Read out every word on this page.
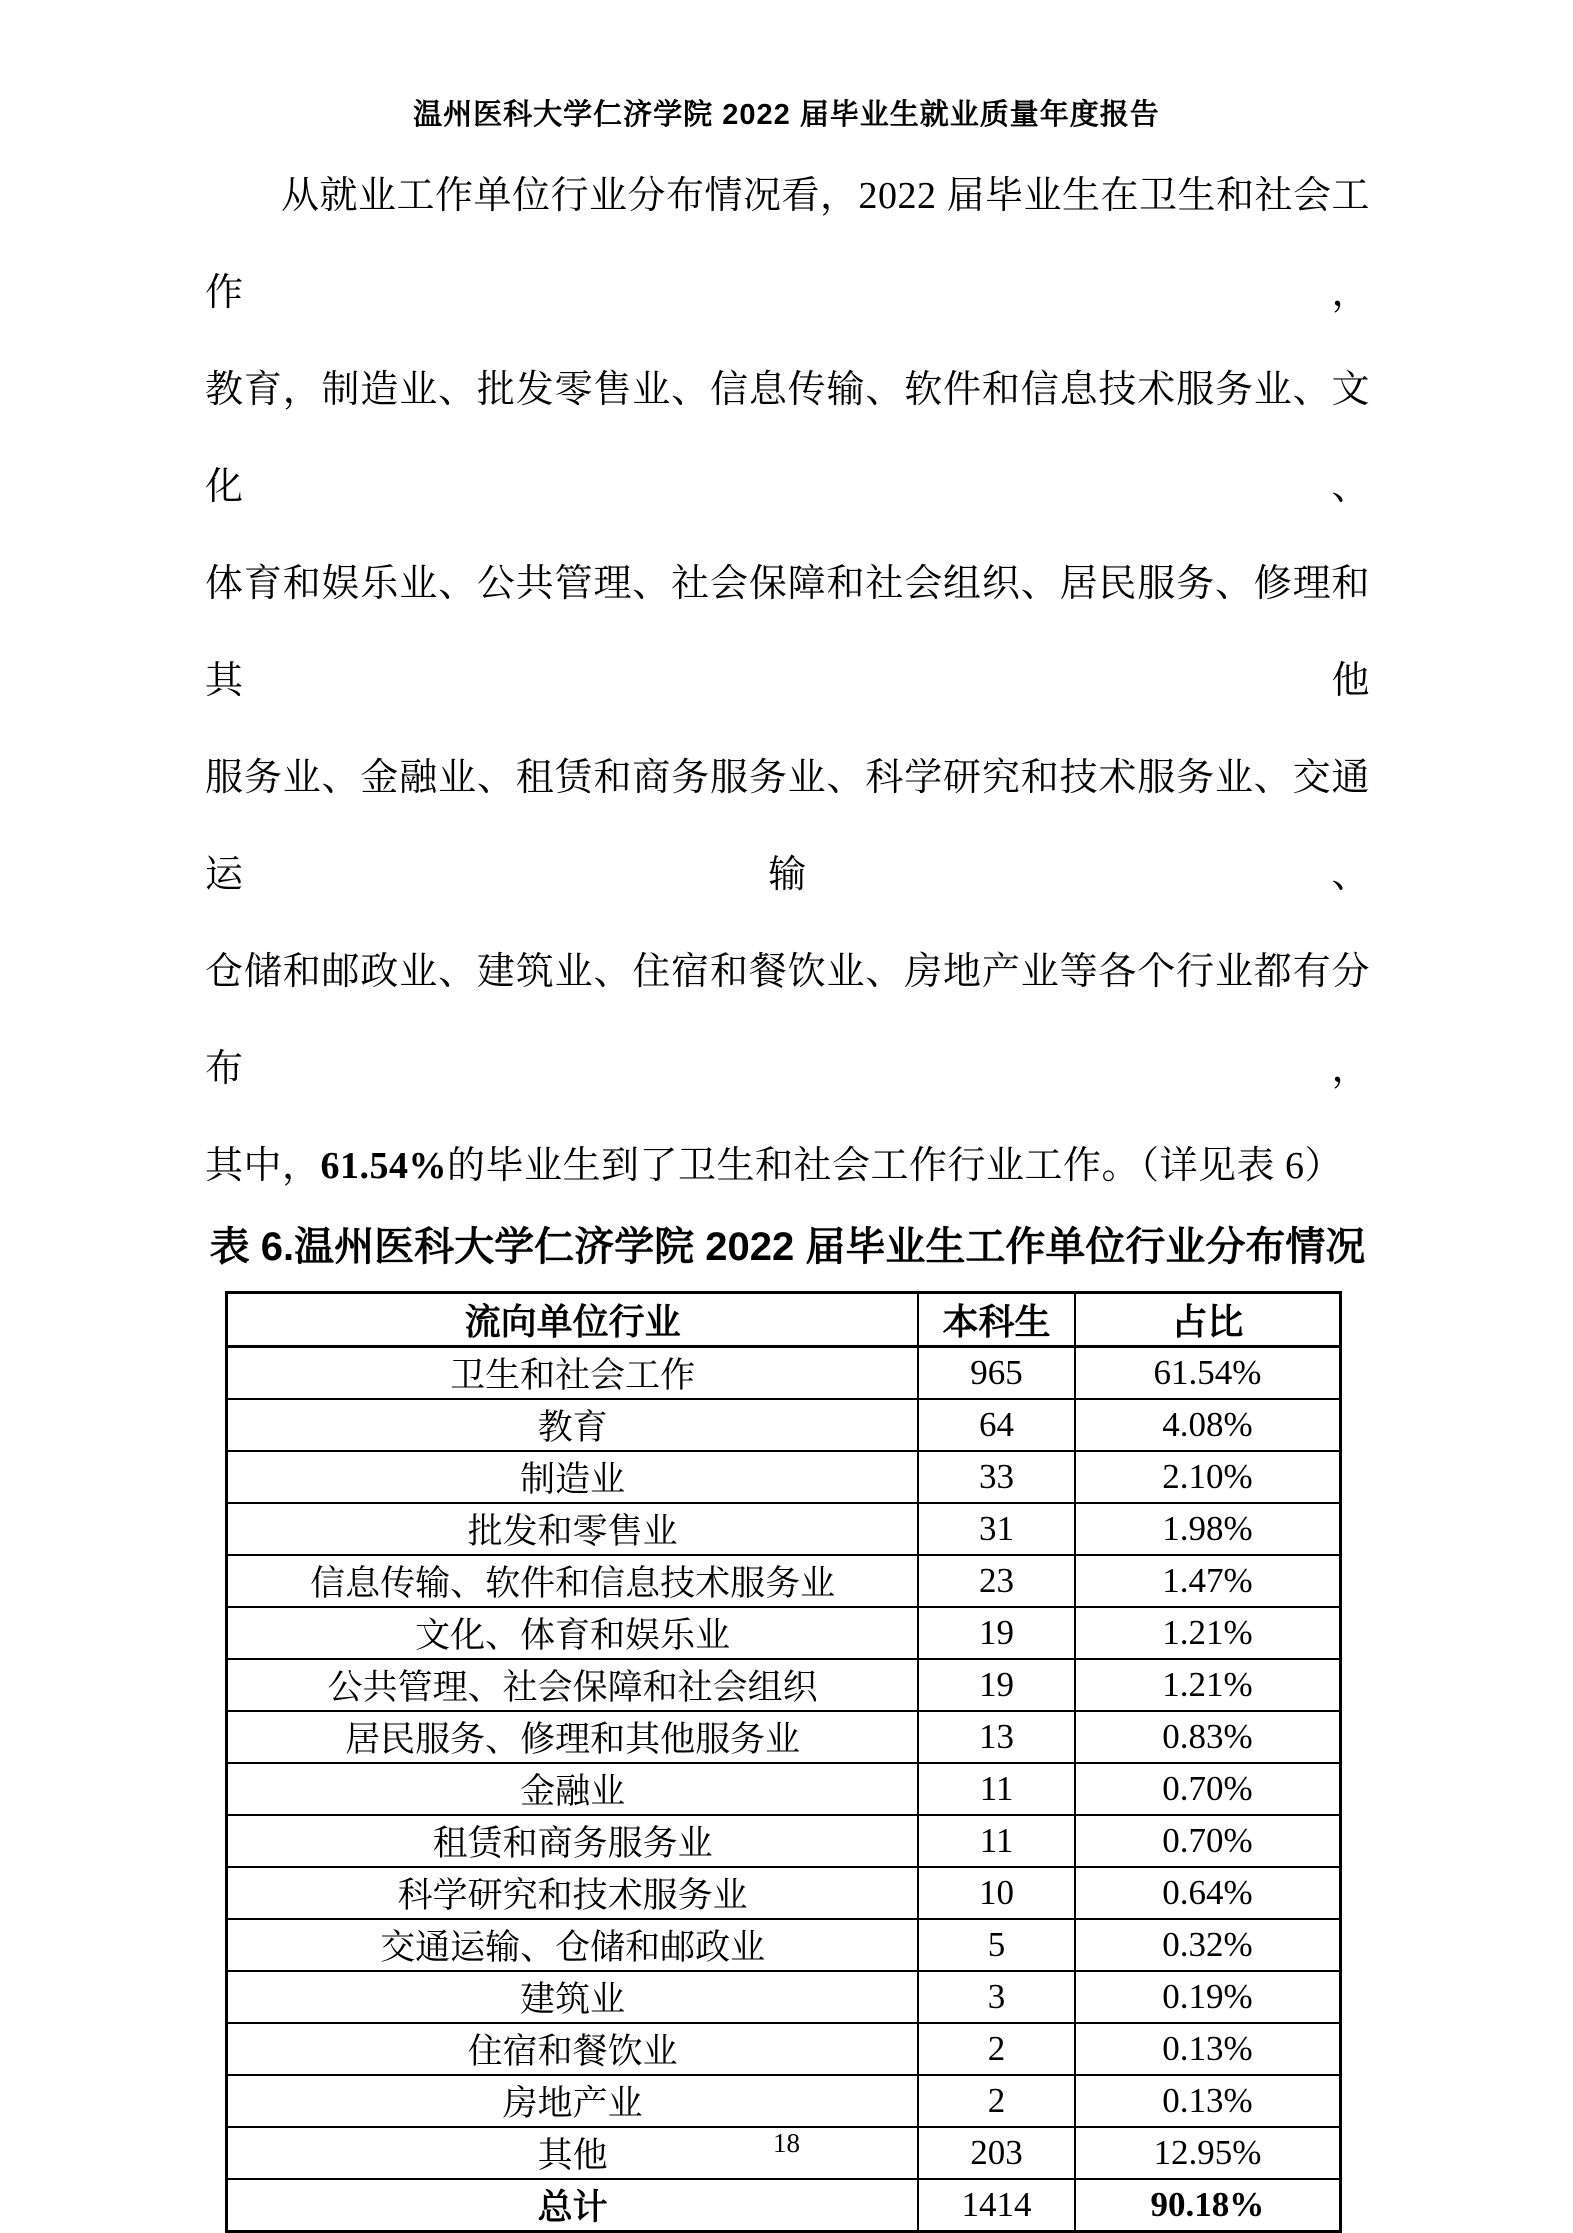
温州医科大学仁济学院 2022 届毕业生就业质量年度报告
从就业工作单位行业分布情况看，2022 届毕业生在卫生和社会工作，
教育，制造业、批发零售业、信息传输、软件和信息技术服务业、文化、
体育和娱乐业、公共管理、社会保障和社会组织、居民服务、修理和其他
服务业、金融业、租赁和商务服务业、科学研究和技术服务业、交通运输、
仓储和邮政业、建筑业、住宿和餐饮业、房地产业等各个行业都有分布，
其中，61.54%的毕业生到了卫生和社会工作行业工作。（详见表 6）
表 6.温州医科大学仁济学院 2022 届毕业生工作单位行业分布情况
流向单位行业	本科生	占比
卫生和社会工作	965	61.54%
教育	64	4.08%
制造业	33	2.10%
批发和零售业	31	1.98%
信息传输、软件和信息技术服务业	23	1.47%
文化、体育和娱乐业	19	1.21%
公共管理、社会保障和社会组织	19	1.21%
居民服务、修理和其他服务业	13	0.83%
金融业	11	0.70%
租赁和商务服务业	11	0.70%
科学研究和技术服务业	10	0.64%
交通运输、仓储和邮政业	5	0.32%
建筑业	3	0.19%
住宿和餐饮业	2	0.13%
房地产业	2	0.13%
其他	203	12.95%
总计	1414	90.18%
18
